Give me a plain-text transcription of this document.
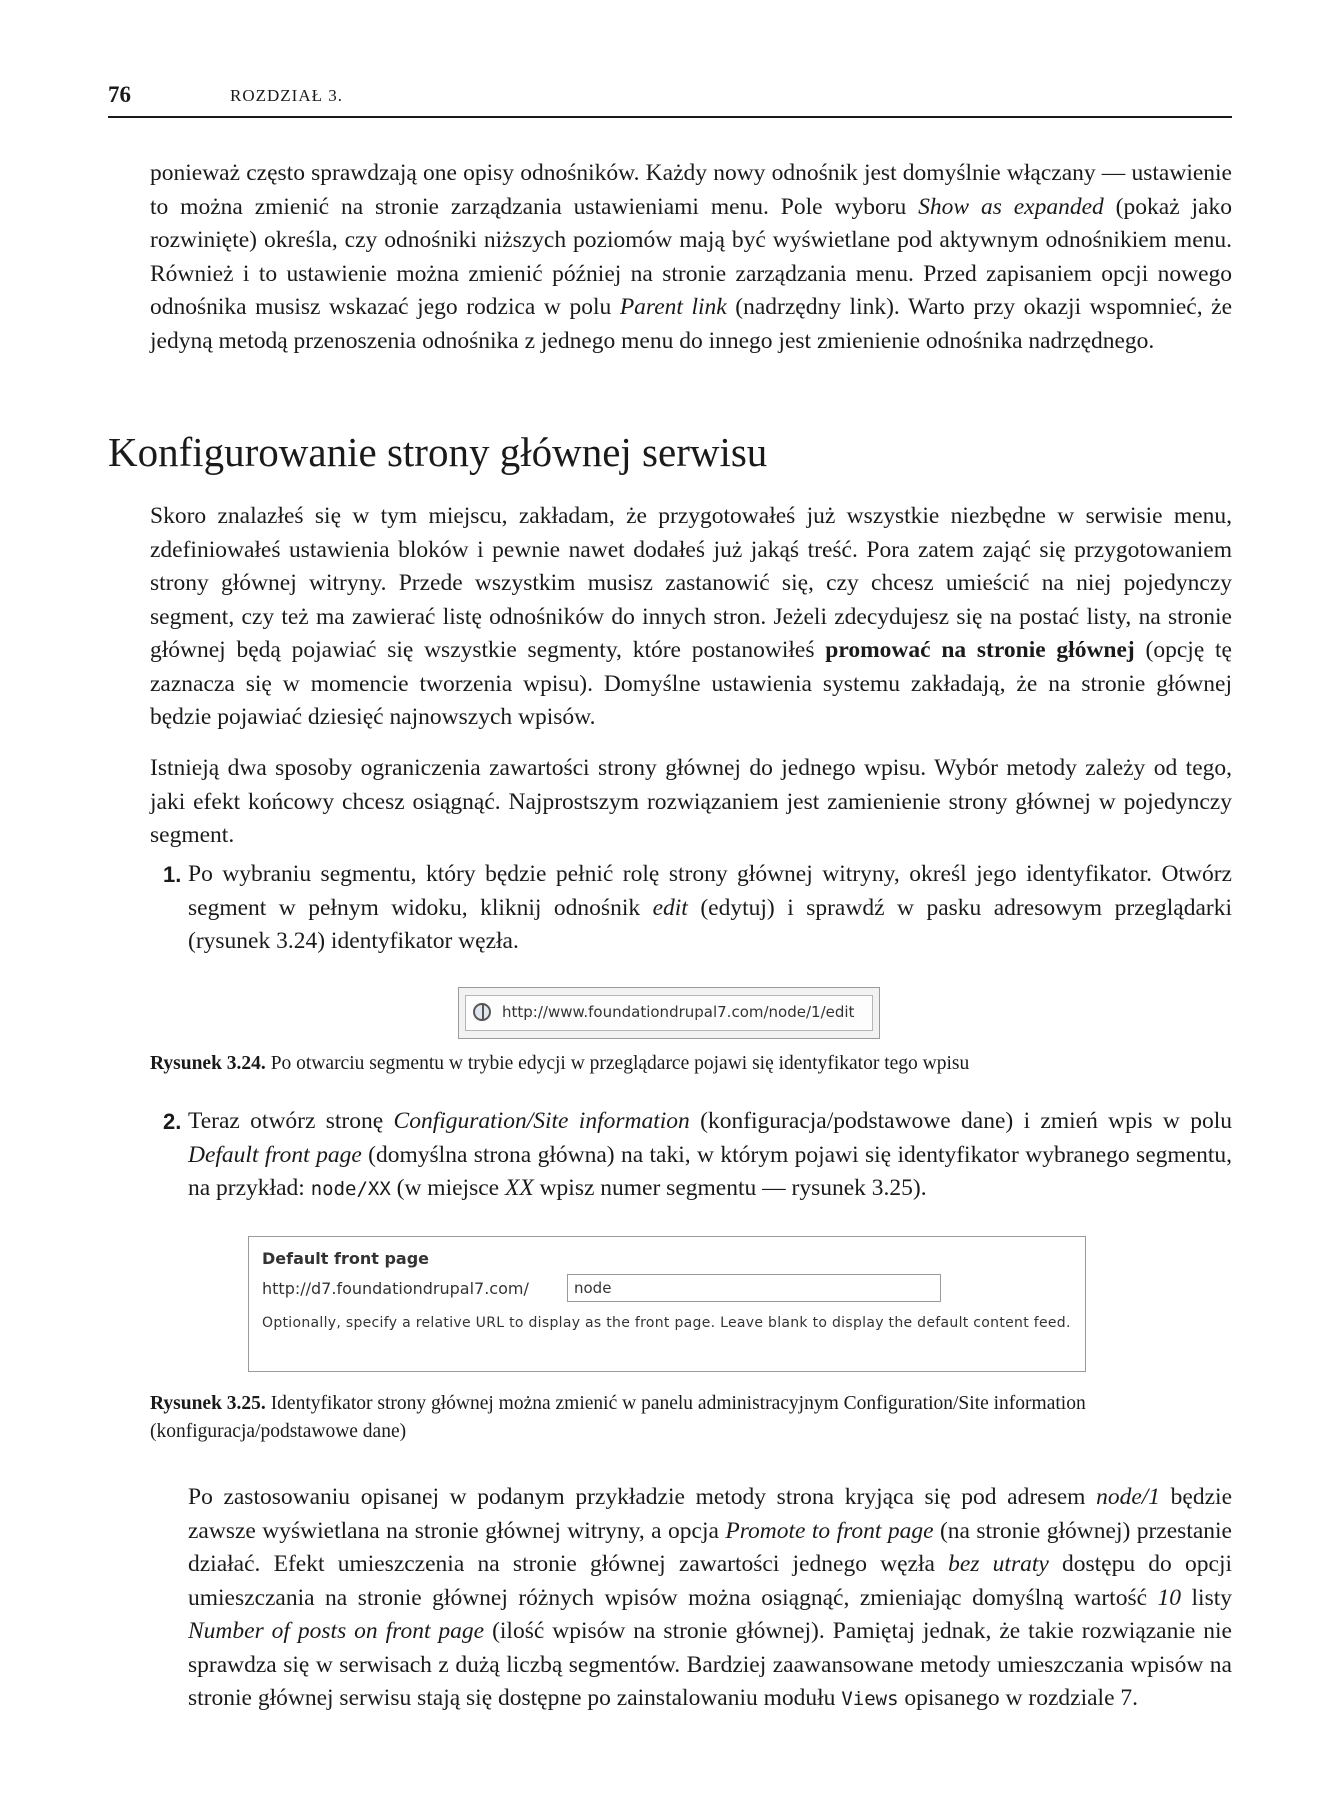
76	ROZDZIAŁ 3.
ponieważ często sprawdzają one opisy odnośników. Każdy nowy odnośnik jest domyślnie włączany — ustawienie to można zmienić na stronie zarządzania ustawieniami menu. Pole wyboru Show as expanded (pokaż jako rozwinięte) określa, czy odnośniki niższych poziomów mają być wyświetlane pod aktywnym odnośnikiem menu. Również i to ustawienie można zmienić później na stronie zarządzania menu. Przed zapisaniem opcji nowego odnośnika musisz wskazać jego rodzica w polu Parent link (nadrzędny link). Warto przy okazji wspomnieć, że jedyną metodą przenoszenia odnośnika z jednego menu do innego jest zmienienie odnośnika nadrzędnego.
Konfigurowanie strony głównej serwisu
Skoro znalazłeś się w tym miejscu, zakładam, że przygotowałeś już wszystkie niezbędne w serwisie menu, zdefiniowałeś ustawienia bloków i pewnie nawet dodałeś już jakąś treść. Pora zatem zająć się przygotowaniem strony głównej witryny. Przede wszystkim musisz zastanowić się, czy chcesz umieścić na niej pojedynczy segment, czy też ma zawierać listę odnośników do innych stron. Jeżeli zdecydujesz się na postać listy, na stronie głównej będą pojawiać się wszystkie segmenty, które postanowiłeś promować na stronie głównej (opcję tę zaznacza się w momencie tworzenia wpisu). Domyślne ustawienia systemu zakładają, że na stronie głównej będzie pojawiać dziesięć najnowszych wpisów.
Istnieją dwa sposoby ograniczenia zawartości strony głównej do jednego wpisu. Wybór metody zależy od tego, jaki efekt końcowy chcesz osiągnąć. Najprostszym rozwiązaniem jest zamienienie strony głównej w pojedynczy segment.
1. Po wybraniu segmentu, który będzie pełnić rolę strony głównej witryny, określ jego identyfikator. Otwórz segment w pełnym widoku, kliknij odnośnik edit (edytuj) i sprawdź w pasku adresowym przeglądarki (rysunek 3.24) identyfikator węzła.
http://www.foundationdrupal7.com/node/1/edit
Rysunek 3.24. Po otwarciu segmentu w trybie edycji w przeglądarce pojawi się identyfikator tego wpisu
2. Teraz otwórz stronę Configuration/Site information (konfiguracja/podstawowe dane) i zmień wpis w polu Default front page (domyślna strona główna) na taki, w którym pojawi się identyfikator wybranego segmentu, na przykład: node/XX (w miejsce XX wpisz numer segmentu — rysunek 3.25).
Default front page
http://d7.foundationdrupal7.com/	node
Optionally, specify a relative URL to display as the front page. Leave blank to display the default content feed.
Rysunek 3.25. Identyfikator strony głównej można zmienić w panelu administracyjnym Configuration/Site information (konfiguracja/podstawowe dane)
Po zastosowaniu opisanej w podanym przykładzie metody strona kryjąca się pod adresem node/1 będzie zawsze wyświetlana na stronie głównej witryny, a opcja Promote to front page (na stronie głównej) przestanie działać. Efekt umieszczenia na stronie głównej zawartości jednego węzła bez utraty dostępu do opcji umieszczania na stronie głównej różnych wpisów można osiągnąć, zmieniając domyślną wartość 10 listy Number of posts on front page (ilość wpisów na stronie głównej). Pamiętaj jednak, że takie rozwiązanie nie sprawdza się w serwisach z dużą liczbą segmentów. Bardziej zaawansowane metody umieszczania wpisów na stronie głównej serwisu stają się dostępne po zainstalowaniu modułu Views opisanego w rozdziale 7.
